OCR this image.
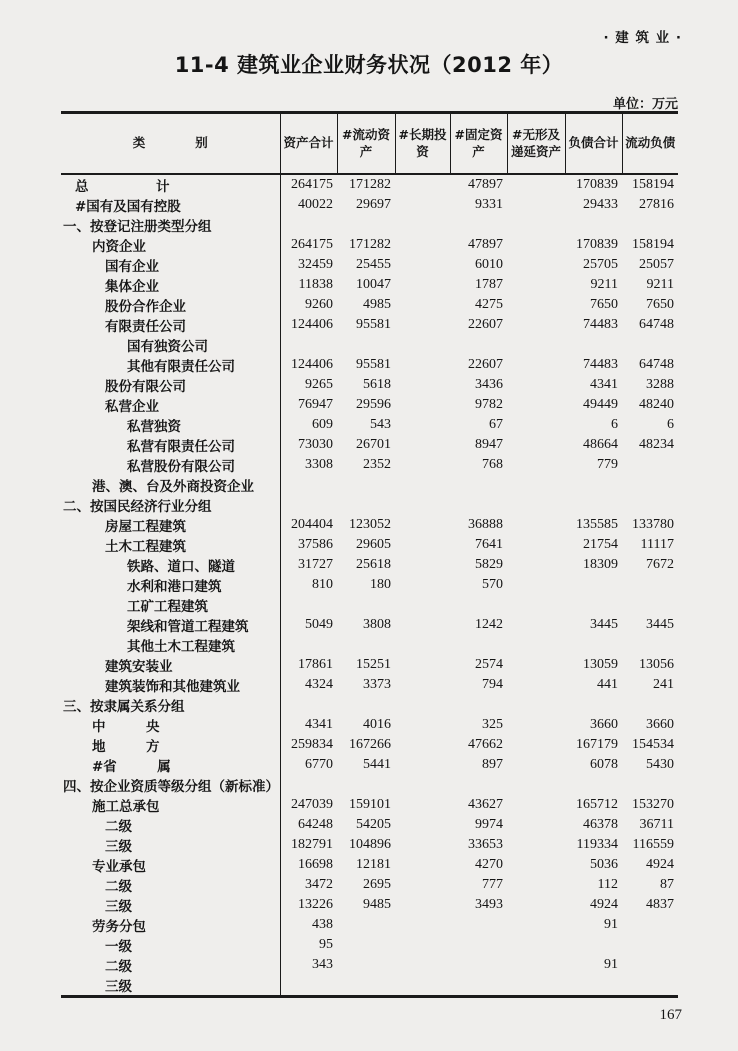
· 建 筑 业 ·
11-4 建筑业企业财务状况（2012 年）
单位：万元
类　　　　别	资产合计	#流动资产	#长期投资	#固定资产	#无形及递延资产	负债合计	流动负债
总　　　　　计	264175	171282		47897		170839	158194
#国有及国有控股	40022	29697		9331		29433	27816
一、按登记注册类型分组							
内资企业	264175	171282		47897		170839	158194
国有企业	32459	25455		6010		25705	25057
集体企业	11838	10047		1787		9211	9211
股份合作企业	9260	4985		4275		7650	7650
有限责任公司	124406	95581		22607		74483	64748
国有独资公司							
其他有限责任公司	124406	95581		22607		74483	64748
股份有限公司	9265	5618		3436		4341	3288
私营企业	76947	29596		9782		49449	48240
私营独资	609	543		67		6	6
私营有限责任公司	73030	26701		8947		48664	48234
私营股份有限公司	3308	2352		768		779	
港、澳、台及外商投资企业							
二、按国民经济行业分组							
房屋工程建筑	204404	123052		36888		135585	133780
土木工程建筑	37586	29605		7641		21754	11117
铁路、道口、隧道	31727	25618		5829		18309	7672
水利和港口建筑	810	180		570			
工矿工程建筑							
架线和管道工程建筑	5049	3808		1242		3445	3445
其他土木工程建筑							
建筑安装业	17861	15251		2574		13059	13056
建筑装饰和其他建筑业	4324	3373		794		441	241
三、按隶属关系分组							
中　　　央	4341	4016		325		3660	3660
地　　　方	259834	167266		47662		167179	154534
#省　　　属	6770	5441		897		6078	5430
四、按企业资质等级分组（新标准）							
施工总承包	247039	159101		43627		165712	153270
二级	64248	54205		9974		46378	36711
三级	182791	104896		33653		119334	116559
专业承包	16698	12181		4270		5036	4924
二级	3472	2695		777		112	87
三级	13226	9485		3493		4924	4837
劳务分包	438					91	
一级	95						
二级	343					91	
三级							
167
